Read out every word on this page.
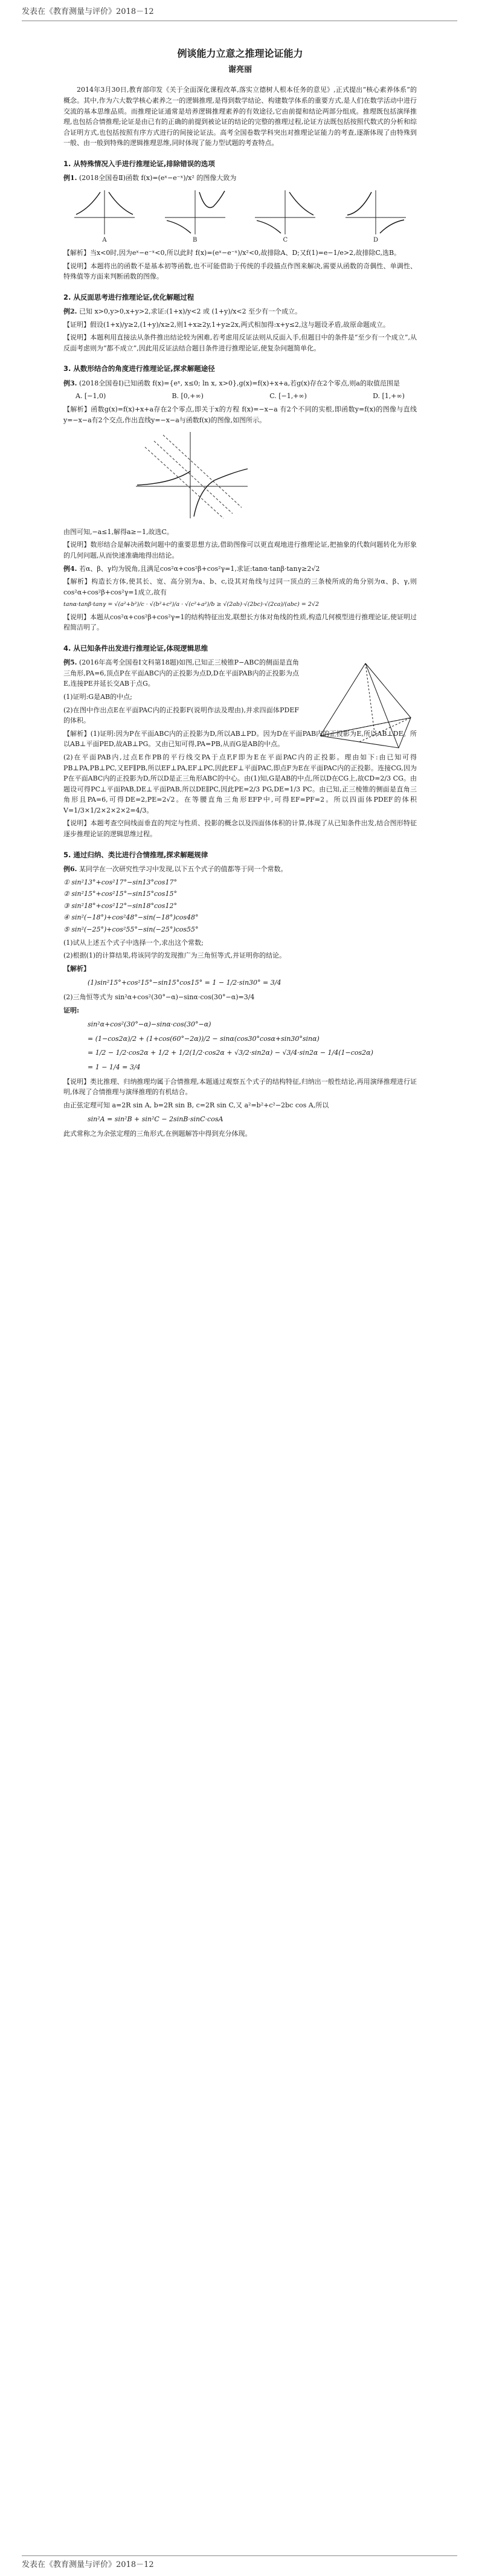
发表在《教育测量与评价》2018－12
例谈能力立意之推理论证能力
谢亮丽

2014年3月30日,教育部印发《关于全面深化课程改革,落实立德树人根本任务的意见》,正式提出“核心素养体系”的概念。其中,作为六大数学核心素养之一的逻辑推理,是得到数学结论、构建数学体系的重要方式,是人们在数学活动中进行交流的基本思维品质。而推理论证通常是培养逻辑推理素养的有效途径,它由前提和结论两部分组成。推理既包括演绎推理,也包括合情推理;论证是由已有的正确的前提到被论证的结论的完整的推理过程,论证方法既包括按照代数式的分析和综合证明方式,也包括按照有序方式进行的间接论证法。高考全国卷数学科突出对推理论证能力的考查,逐渐体现了由特殊到一般、由一般到特殊的逻辑推理思维,同时体现了能力型试题的考查特点。

1. 从特殊情况入手进行推理论证,排除错误的选项

例1. (2018全国卷Ⅱ)函数 f(x)=(eˣ−e⁻ˣ)/x² 的图像大致为

A	B	C	D

【解析】当x<0时,因为eˣ−e⁻ˣ<0,所以此时 f(x)=(eˣ−e⁻ˣ)/x²<0,故排除A、D;又f(1)=e−1/e>2,故排除C,选B。

【说明】本题将出的函数不是基本初等函数,也不可能借助于传统的手段描点作图来解决,需要从函数的奇偶性、单调性、特殊值等方面来判断函数的图像。

2. 从反面思考进行推理论证,优化解题过程

例2. 已知 x>0,y>0,x+y>2,求证:(1+x)/y<2 或 (1+y)/x<2 至少有一个成立。

【证明】假设(1+x)/y≥2,(1+y)/x≥2,则1+x≥2y,1+y≥2x,两式相加得:x+y≤2,这与题设矛盾,故原命题成立。

【说明】本题利用直接法从条件推出结论较为困难,若考虑用反证法则从反面入手,但题目中的条件是“至少有一个成立”,从反面考虑则为“都不成立”,因此用反证法结合题目条件进行推理论证,使复杂问题简单化。

3. 从数形结合的角度进行推理论证,探求解题途径

例3. (2018全国卷Ⅰ)已知函数 f(x)={eˣ, x≤0; ln x, x>0},g(x)=f(x)+x+a,若g(x)存在2个零点,则a的取值范围是

A. [−1,0)	B. [0,+∞)	C. [−1,+∞)	D. [1,+∞)

【解析】函数g(x)=f(x)+x+a存在2个零点,即关于x的方程 f(x)=−x−a 有2个不同的实根,即函数y=f(x)的图像与直线y=−x−a有2个交点,作出直线y=−x−a与函数f(x)的图像,如图所示。

由图可知,−a≤1,解得a≥−1,故选C。

【说明】数形结合是解决函数问题中的重要思想方法,借助图像可以更直观地进行推理论证,把抽象的代数问题转化为形象的几何问题,从而快速准确地得出结论。

例4. 若α、β、γ均为锐角,且满足cos²α+cos²β+cos²γ=1,求证:tanα·tanβ·tanγ≥2√2

【解析】构造长方体,使其长、宽、高分别为a、b、c,设其对角线与过同一顶点的三条棱所成的角分别为α、β、γ,则cos²α+cos²β+cos²γ=1成立,故有

tanα·tanβ·tanγ = √(a²+b²)/c · √(b²+c²)/a · √(c²+a²)/b ≥ √(2ab)·√(2bc)·√(2ca)/(abc) = 2√2

【说明】本题从cos²α+cos²β+cos²γ=1的结构特征出发,联想长方体对角线的性质,构造几何模型进行推理论证,使证明过程简洁明了。

4. 从已知条件出发进行推理论证,体现逻辑思维

例5. (2016年高考全国卷Ⅰ文科第18题)如图,已知正三棱锥P−ABC的侧面是直角三角形,PA=6,顶点P在平面ABC内的正投影为点D,D在平面PAB内的正投影为点E,连接PE并延长交AB于点G。

(1)证明:G是AB的中点;

(2)在图中作出点E在平面PAC内的正投影F(说明作法及理由),并求四面体PDEF的体积。

【解析】(1)证明:因为P在平面ABC内的正投影为D,所以AB⊥PD。因为D在平面PAB内的正投影为E,所以AB⊥DE。所以AB⊥平面PED,故AB⊥PG。又由已知可得,PA=PB,从而G是AB的中点。

(2)在平面PAB内,过点E作PB的平行线交PA于点F,F即为E在平面PAC内的正投影。理由如下:由已知可得PB⊥PA,PB⊥PC,又EF∥PB,所以EF⊥PA,EF⊥PC,因此EF⊥平面PAC,即点F为E在平面PAC内的正投影。连接CG,因为P在平面ABC内的正投影为D,所以D是正三角形ABC的中心。由(1)知,G是AB的中点,所以D在CG上,故CD=2/3 CG。由题设可得PC⊥平面PAB,DE⊥平面PAB,所以DE∥PC,因此PE=2/3 PG,DE=1/3 PC。由已知,正三棱锥的侧面是直角三角形且PA=6,可得DE=2,PE=2√2。在等腰直角三角形EFP中,可得EF=PF=2。所以四面体PDEF的体积V=1/3×1/2×2×2×2=4/3。

【说明】本题考查空间线面垂直的判定与性质、投影的概念以及四面体体积的计算,体现了从已知条件出发,结合图形特征逐步推理论证的逻辑思维过程。

5. 通过归纳、类比进行合情推理,探求解题规律

例6. 某同学在一次研究性学习中发现,以下五个式子的值都等于同一个常数。

① sin²13°+cos²17°−sin13°cos17°
② sin²15°+cos²15°−sin15°cos15°
③ sin²18°+cos²12°−sin18°cos12°
④ sin²(−18°)+cos²48°−sin(−18°)cos48°
⑤ sin²(−25°)+cos²55°−sin(−25°)cos55°

(1)试从上述五个式子中选择一个,求出这个常数;

(2)根据(1)的计算结果,将该同学的发现推广为三角恒等式,并证明你的结论。

【解析】

(1)sin²15°+cos²15°−sin15°cos15° = 1 − 1/2·sin30° = 3/4

(2)三角恒等式为 sin²α+cos²(30°−α)−sinα·cos(30°−α)=3/4

证明:

sin²α+cos²(30°−α)−sinα·cos(30°−α)
= (1−cos2α)/2 + (1+cos(60°−2α))/2 − sinα(cos30°cosα+sin30°sinα)
= 1/2 − 1/2·cos2α + 1/2 + 1/2(1/2·cos2α + √3/2·sin2α) − √3/4·sin2α − 1/4(1−cos2α)
= 1 − 1/4 = 3/4

【说明】类比推理、归纳推理均属于合情推理,本题通过观察五个式子的结构特征,归纳出一般性结论,再用演绎推理进行证明,体现了合情推理与演绎推理的有机结合。

由正弦定理可知 a=2R sin A, b=2R sin B, c=2R sin C,又 a²=b²+c²−2bc cos A,所以

sin²A = sin²B + sin²C − 2sinB·sinC·cosA

此式常称之为余弦定理的三角形式,在例题解答中得到充分体现。

发表在《教育测量与评价》2018－12
